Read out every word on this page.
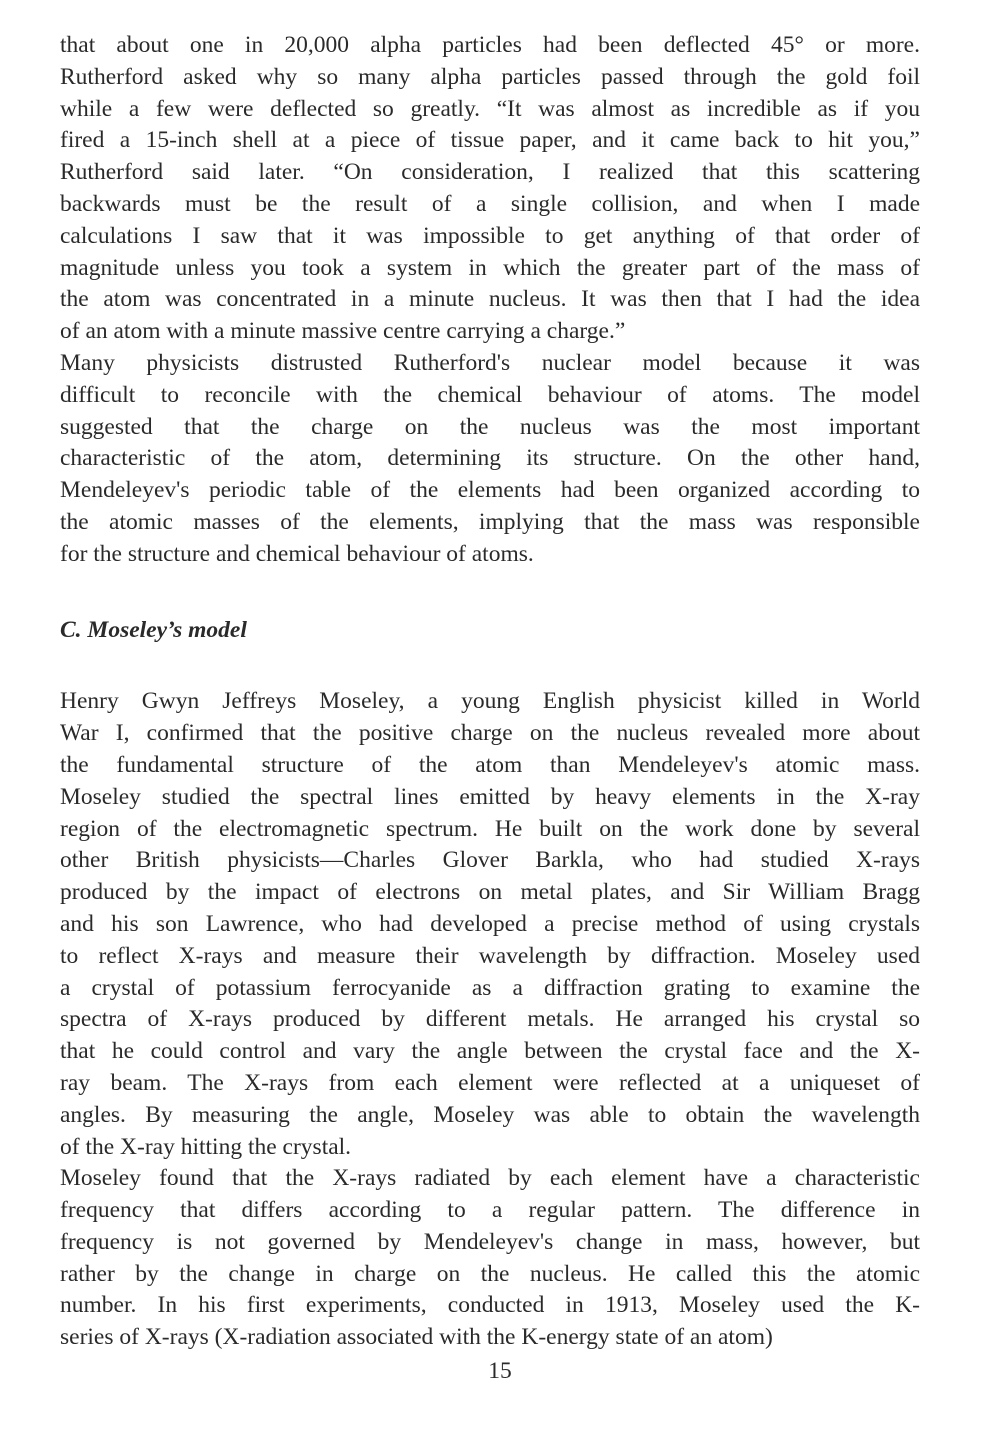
that about one in 20,000 alpha particles had been deflected 45° or more.
Rutherford asked why so many alpha particles passed through the gold foil
while a few were deflected so greatly. “It was almost as incredible as if you
fired a 15-inch shell at a piece of tissue paper, and it came back to hit you,”
Rutherford said later. “On consideration, I realized that this scattering
backwards must be the result of a single collision, and when I made
calculations I saw that it was impossible to get anything of that order of
magnitude unless you took a system in which the greater part of the mass of
the atom was concentrated in a minute nucleus. It was then that I had the idea
of an atom with a minute massive centre carrying a charge.”

Many physicists distrusted Rutherford's nuclear model because it was
difficult to reconcile with the chemical behaviour of atoms. The model
suggested that the charge on the nucleus was the most important
characteristic of the atom, determining its structure. On the other hand,
Mendeleyev's periodic table of the elements had been organized according to
the atomic masses of the elements, implying that the mass was responsible
for the structure and chemical behaviour of atoms.

C. Moseley’s model

Henry Gwyn Jeffreys Moseley, a young English physicist killed in World
War I, confirmed that the positive charge on the nucleus revealed more about
the fundamental structure of the atom than Mendeleyev's atomic mass.
Moseley studied the spectral lines emitted by heavy elements in the X-ray
region of the electromagnetic spectrum. He built on the work done by several
other British physicists—Charles Glover Barkla, who had studied X-rays
produced by the impact of electrons on metal plates, and Sir William Bragg
and his son Lawrence, who had developed a precise method of using crystals
to reflect X-rays and measure their wavelength by diffraction. Moseley used
a crystal of potassium ferrocyanide as a diffraction grating to examine the
spectra of X-rays produced by different metals. He arranged his crystal so
that he could control and vary the angle between the crystal face and the X-
ray beam. The X-rays from each element were reflected at a uniqueset of
angles. By measuring the angle, Moseley was able to obtain the wavelength
of the X-ray hitting the crystal.

Moseley found that the X-rays radiated by each element have a characteristic
frequency that differs according to a regular pattern. The difference in
frequency is not governed by Mendeleyev's change in mass, however, but
rather by the change in charge on the nucleus. He called this the atomic
number. In his first experiments, conducted in 1913, Moseley used the K-
series of X-rays (X-radiation associated with the K-energy state of an atom)

15
